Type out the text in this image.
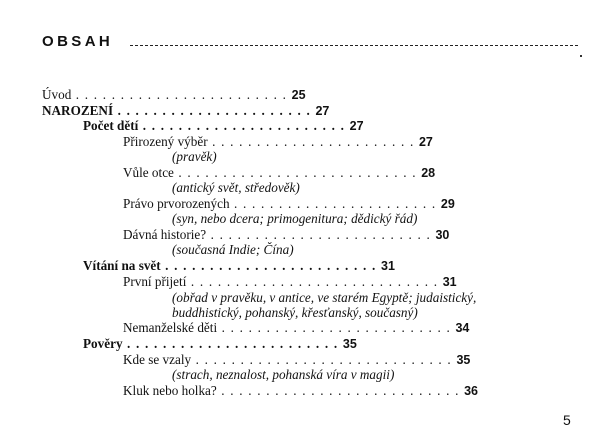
OBSAH
Úvod . . . . . . . . . . . . . . . . . . . . . . . . 25
NAROZENÍ . . . . . . . . . . . . . . . . . . . . . . 27
Počet dětí . . . . . . . . . . . . . . . . . . . . . . . 27
Přirozený výběr . . . . . . . . . . . . . . . . . . . . . . . 27
(pravěk)
Vůle otce . . . . . . . . . . . . . . . . . . . . . . . . . . . 28
(antický svět, středověk)
Právo prvorozených . . . . . . . . . . . . . . . . . . . . . . . 29
(syn, nebo dcera; primogenitura; dědický řád)
Dávná historie? . . . . . . . . . . . . . . . . . . . . . . . . . 30
(současná Indie; Čína)
Vítání na svět . . . . . . . . . . . . . . . . . . . . . . . . 31
První přijetí . . . . . . . . . . . . . . . . . . . . . . . . . . . . 31
(obřad v pravěku, v antice, ve starém Egyptě; judaistický,
buddhistický, pohanský, křesťanský, současný)
Nemanželské děti . . . . . . . . . . . . . . . . . . . . . . . . . . 34
Pověry . . . . . . . . . . . . . . . . . . . . . . . . 35
Kde se vzaly . . . . . . . . . . . . . . . . . . . . . . . . . . . . . 35
(strach, neznalost, pohanská víra v magii)
Kluk nebo holka? . . . . . . . . . . . . . . . . . . . . . . . . . . . 36
5
